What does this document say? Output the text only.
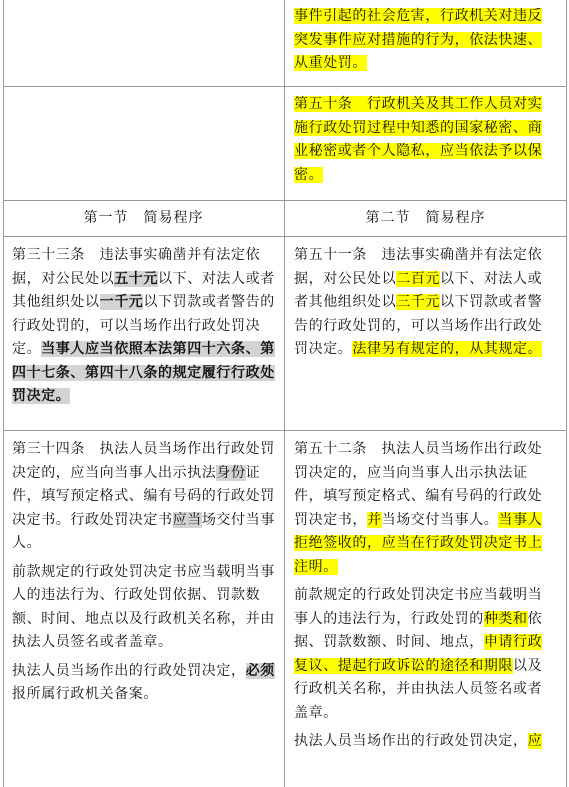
事件引起的社会危害，行政机关对违反突发事件应对措施的行为，依法快速、从重处罚。
第五十条　行政机关及其工作人员对实施行政处罚过程中知悉的国家秘密、商业秘密或者个人隐私，应当依法予以保密。
第一节　简易程序	第二节　简易程序
第三十三条　违法事实确凿并有法定依据，对公民处以五十元以下、对法人或者其他组织处以一千元以下罚款或者警告的行政处罚的，可以当场作出行政处罚决定。当事人应当依照本法第四十六条、第四十七条、第四十八条的规定履行行政处罚决定。
第五十一条　违法事实确凿并有法定依据，对公民处以二百元以下、对法人或者其他组织处以三千元以下罚款或者警告的行政处罚的，可以当场作出行政处罚决定。法律另有规定的，从其规定。
第三十四条　执法人员当场作出行政处罚决定的，应当向当事人出示执法身份证件，填写预定格式、编有号码的行政处罚决定书。行政处罚决定书应当场交付当事人。
前款规定的行政处罚决定书应当载明当事人的违法行为、行政处罚依据、罚款数额、时间、地点以及行政机关名称，并由执法人员签名或者盖章。
执法人员当场作出的行政处罚决定，必须报所属行政机关备案。
第五十二条　执法人员当场作出行政处罚决定的，应当向当事人出示执法证件，填写预定格式、编有号码的行政处罚决定书，并当场交付当事人。当事人拒绝签收的，应当在行政处罚决定书上注明。
前款规定的行政处罚决定书应当载明当事人的违法行为，行政处罚的种类和依据、罚款数额、时间、地点，申请行政复议、提起行政诉讼的途径和期限以及行政机关名称，并由执法人员签名或者盖章。
执法人员当场作出的行政处罚决定，应
